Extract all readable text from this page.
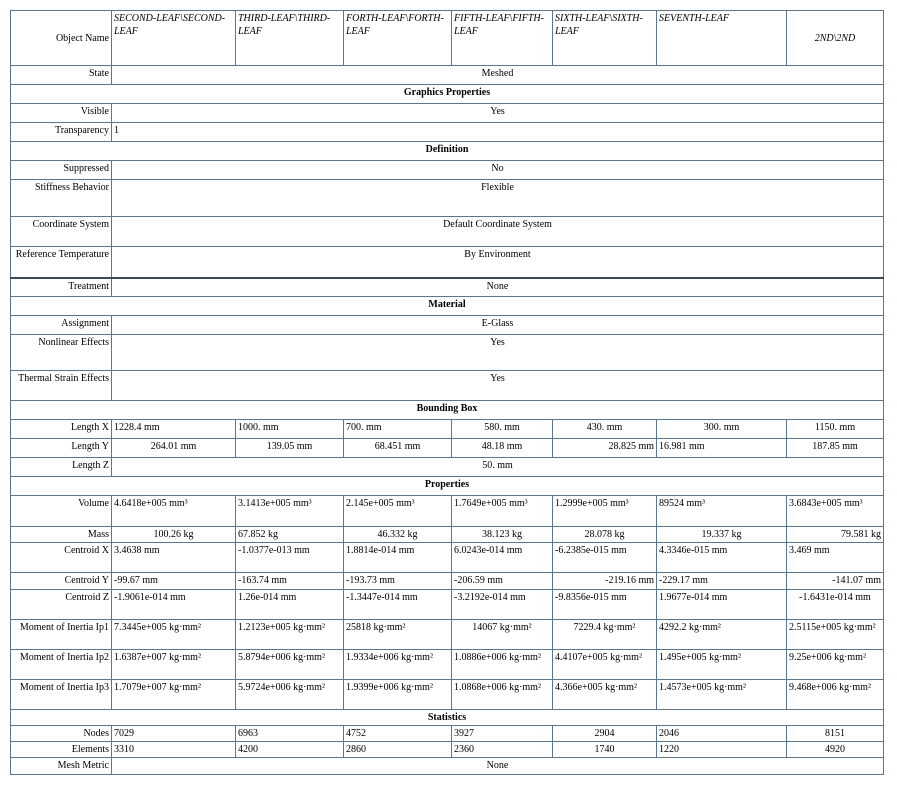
Object Name	SECOND-LEAF\SECOND-LEAF	THIRD-LEAF\THIRD-LEAF	FORTH-LEAF\FORTH-LEAF	FIFTH-LEAF\FIFTH-LEAF	SIXTH-LEAF\SIXTH-LEAF	SEVENTH-LEAF	2ND\2ND
State	Meshed						
Graphics Properties							
Visible	Yes						
Transparency	1						
Definition							
Suppressed	No						
Stiffness Behavior	Flexible						
Coordinate System	Default Coordinate System						
Reference Temperature	By Environment						
Treatment	None						
Material							
Assignment	E-Glass						
Nonlinear Effects	Yes						
Thermal Strain Effects	Yes						
Bounding Box							
Length X	1228.4 mm	1000. mm	700. mm	580. mm	430. mm	300. mm	1150. mm
Length Y	264.01 mm	139.05 mm	68.451 mm	48.18 mm	28.825 mm	16.981 mm	187.85 mm
Length Z	50. mm						
Properties							
Volume	4.6418e+005 mm³	3.1413e+005 mm³	2.145e+005 mm³	1.7649e+005 mm³	1.2999e+005 mm³	89524 mm³	3.6843e+005 mm³
Mass	100.26 kg	67.852 kg	46.332 kg	38.123 kg	28.078 kg	19.337 kg	79.581 kg
Centroid X	3.4638 mm	-1.0377e-013 mm	1.8814e-014 mm	6.0243e-014 mm	-6.2385e-015 mm	4.3346e-015 mm	3.469 mm
Centroid Y	-99.67 mm	-163.74 mm	-193.73 mm	-206.59 mm	-219.16 mm	-229.17 mm	-141.07 mm
Centroid Z	-1.9061e-014 mm	1.26e-014 mm	-1.3447e-014 mm	-3.2192e-014 mm	-9.8356e-015 mm	1.9677e-014 mm	-1.6431e-014 mm
Moment of Inertia Ip1	7.3445e+005 kg·mm²	1.2123e+005 kg·mm²	25818 kg·mm²	14067 kg·mm²	7229.4 kg·mm²	4292.2 kg·mm²	2.5115e+005 kg·mm²
Moment of Inertia Ip2	1.6387e+007 kg·mm²	5.8794e+006 kg·mm²	1.9334e+006 kg·mm²	1.0886e+006 kg·mm²	4.4107e+005 kg·mm²	1.495e+005 kg·mm²	9.25e+006 kg·mm²
Moment of Inertia Ip3	1.7079e+007 kg·mm²	5.9724e+006 kg·mm²	1.9399e+006 kg·mm²	1.0868e+006 kg·mm²	4.366e+005 kg·mm²	1.4573e+005 kg·mm²	9.468e+006 kg·mm²
Statistics							
Nodes	7029	6963	4752	3927	2904	2046	8151
Elements	3310	4200	2860	2360	1740	1220	4920
Mesh Metric	None						
